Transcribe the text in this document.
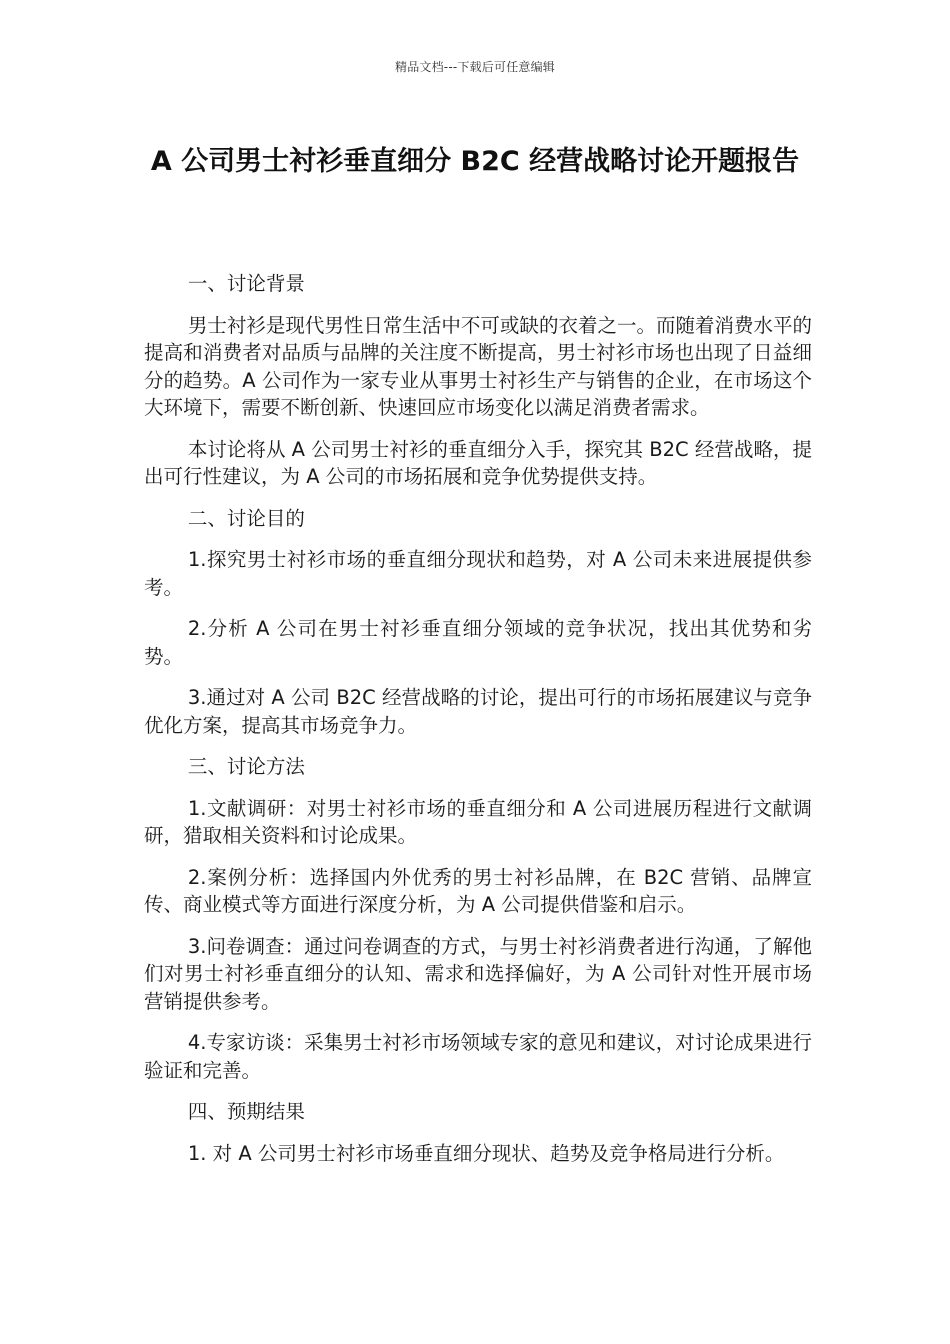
精品文档---下载后可任意编辑
A 公司男士衬衫垂直细分 B2C 经营战略讨论开题报告
一、讨论背景

男士衬衫是现代男性日常生活中不可或缺的衣着之一。而随着消费水平的提高和消费者对品质与品牌的关注度不断提高，男士衬衫市场也出现了日益细分的趋势。A 公司作为一家专业从事男士衬衫生产与销售的企业，在市场这个大环境下，需要不断创新、快速回应市场变化以满足消费者需求。

本讨论将从 A 公司男士衬衫的垂直细分入手，探究其 B2C 经营战略，提出可行性建议，为 A 公司的市场拓展和竞争优势提供支持。

二、讨论目的

1.探究男士衬衫市场的垂直细分现状和趋势，对 A 公司未来进展提供参考。

2.分析 A 公司在男士衬衫垂直细分领域的竞争状况，找出其优势和劣势。

3.通过对 A 公司 B2C 经营战略的讨论，提出可行的市场拓展建议与竞争优化方案，提高其市场竞争力。

三、讨论方法

1.文献调研：对男士衬衫市场的垂直细分和 A 公司进展历程进行文献调研，猎取相关资料和讨论成果。

2.案例分析：选择国内外优秀的男士衬衫品牌，在 B2C 营销、品牌宣传、商业模式等方面进行深度分析，为 A 公司提供借鉴和启示。

3.问卷调查：通过问卷调查的方式，与男士衬衫消费者进行沟通，了解他们对男士衬衫垂直细分的认知、需求和选择偏好，为 A 公司针对性开展市场营销提供参考。

4.专家访谈：采集男士衬衫市场领域专家的意见和建议，对讨论成果进行验证和完善。

四、预期结果

1. 对 A 公司男士衬衫市场垂直细分现状、趋势及竞争格局进行分析。
